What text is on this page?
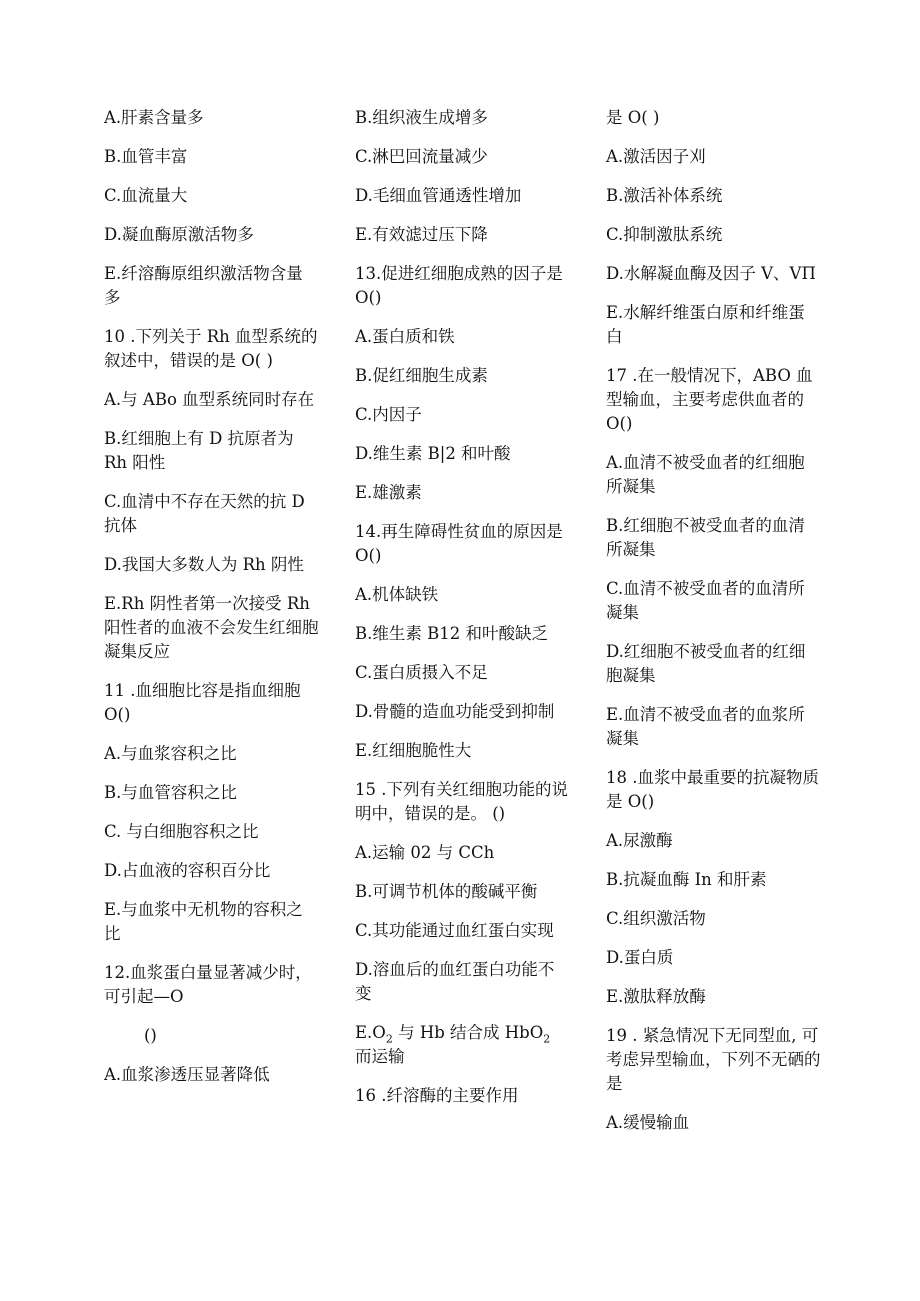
A.肝素含量多

B.血管丰富

C.血流量大

D.凝血酶原激活物多

E.纤溶酶原组织激活物含量多

10 .下列关于 Rh 血型系统的叙述中，错误的是 O( )

A.与 ABo 血型系统同时存在

B.红细胞上有 D 抗原者为 Rh 阳性

C.血清中不存在天然的抗 D 抗体

D.我国大多数人为 Rh 阴性

E.Rh 阴性者第一次接受 Rh 阳性者的血液不会发生红细胞凝集反应

11 .血细胞比容是指血细胞 O()

A.与血浆容积之比

B.与血管容积之比

C. 与白细胞容积之比

D.占血液的容积百分比

E.与血浆中无机物的容积之比

12.血浆蛋白量显著减少时，可引起—O

()

A.血浆渗透压显著降低

B.组织液生成增多

C.淋巴回流量减少

D.毛细血管通透性增加

E.有效滤过压下降

13.促进红细胞成熟的因子是 O()

A.蛋白质和铁

B.促红细胞生成素

C.内因子

D.维生素 B|2 和叶酸

E.雄激素

14.再生障碍性贫血的原因是 O()

A.机体缺铁

B.维生素 B12 和叶酸缺乏

C.蛋白质摄入不足

D.骨髓的造血功能受到抑制

E.红细胞脆性大

15 .下列有关红细胞功能的说明中，错误的是。 ()

A.运输 02 与 CCh

B.可调节机体的酸碱平衡

C.其功能通过血红蛋白实现

D.溶血后的血红蛋白功能不变

$E.O_2$ 与 Hb 结合成 HbO$_2$ 而运输

16 .纤溶酶的主要作用

是 O( )

A.激活因子刈

B.激活补体系统

C.抑制激肽系统

D.水解凝血酶及因子 V、VΠ

E.水解纤维蛋白原和纤维蛋白

17 .在一般情况下，ABO 血型输血，主要考虑供血者的 O()

A.血清不被受血者的红细胞所凝集

B.红细胞不被受血者的血清所凝集

C.血清不被受血者的血清所凝集

D.红细胞不被受血者的红细胞凝集

E.血清不被受血者的血浆所凝集

18 .血浆中最重要的抗凝物质是 O()

A.尿激酶

B.抗凝血酶 In 和肝素

C.组织激活物

D.蛋白质

E.激肽释放酶

19 . 紧急情况下无同型血, 可考虑异型输血，下列不无硒的是

A.缓慢输血
